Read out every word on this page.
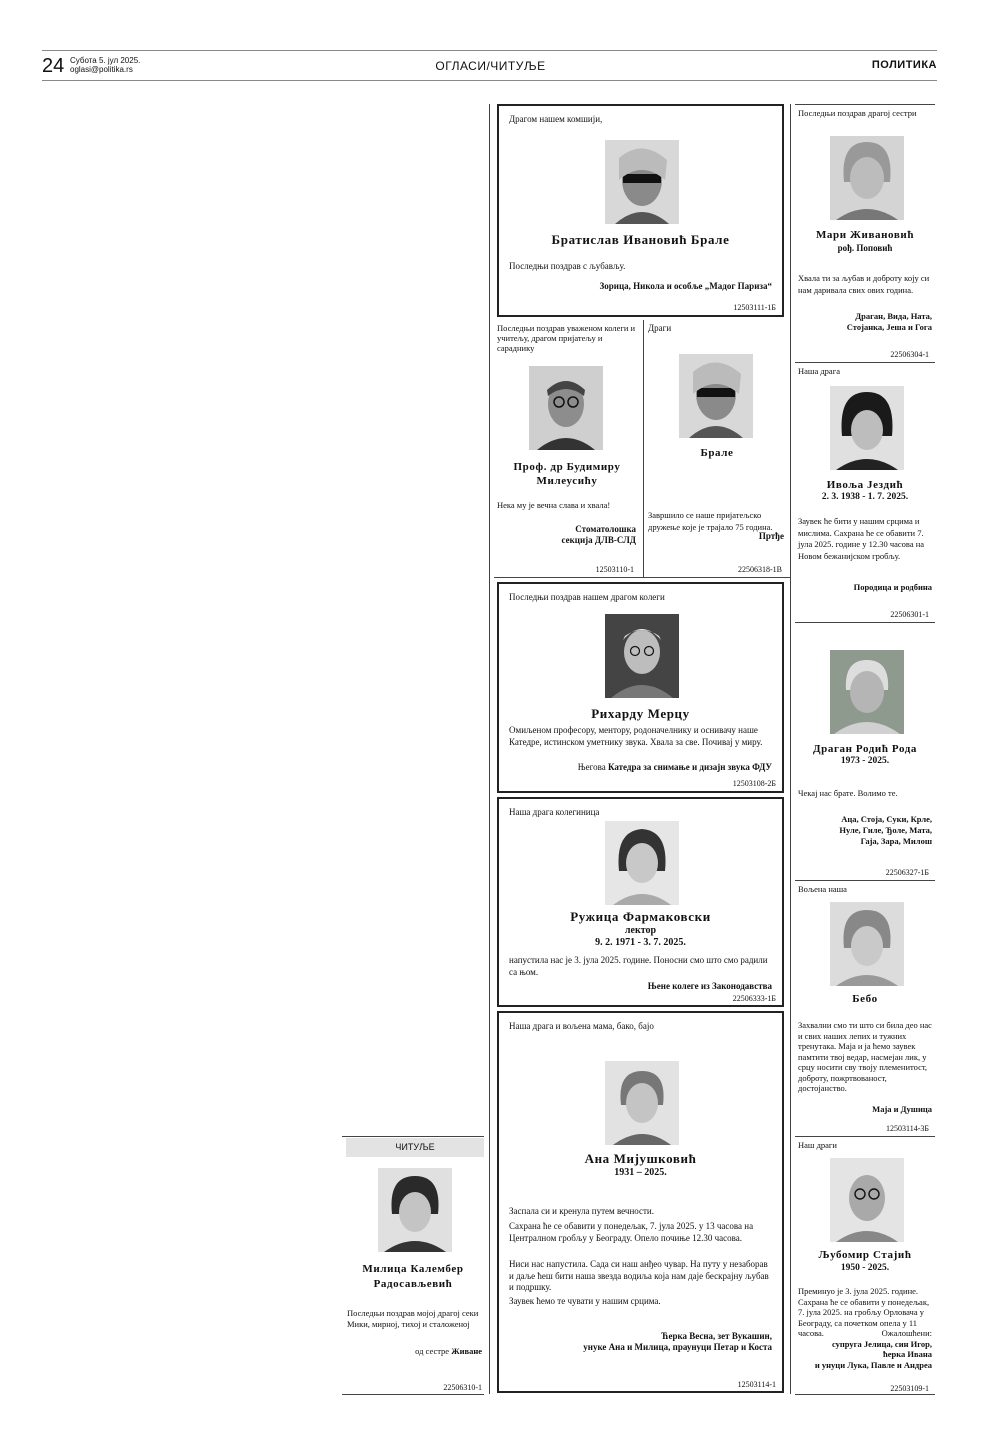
24 Субота 5. јул 2025.
oglasi@politika.rs	ОГЛАСИ/ЧИТУЉЕ	ПОЛИТИКА
Драгом нашем комшији,
Братислав Ивановић Брале
Последњи поздрав с љубављу.
Зорица, Никола и особље „Мадог Париза“
12503111-1Б
Последњи поздрав уваженом колеги и учитељу, драгом пријатељу и сараднику
Проф. др Будимиру Милеусићу
Нека му је вечна слава и хвала!
Стоматолошка
секција ДЛВ-СЛД
12503110-1
Драги
Брале
Завршило се наше пријатељско дружење које је трајало 75 година.
Пртђе
22506318-1В
Последњи поздрав нашем драгом колеги
Рихарду Мерцу
Омиљеном професору, ментору, родоначелнику и оснивачу наше Катедре, истинском уметнику звука. Хвала за све. Почивај у миру.
Његова Катедра за снимање и дизајн звука ФДУ
12503108-2Б
Наша драга колегиница
Ружица Фармаковски
лектор
9. 2. 1971 - 3. 7. 2025.
напустила нас је 3. јула 2025. године. Поносни смо што смо радили са њом.
Њене колеге из Законодавства
22506333-1Б
Наша драга и вољена мама, бако, бајо
Ана Мијушковић
1931 – 2025.
Заспала си и кренула путем вечности.
Сахрана ће се обавити у понедељак, 7. јула 2025. у 13 часова на Централном гробљу у Београду. Опело почиње 12.30 часова.
Ниси нас напустила. Сада си наш анђео чувар. На путу у незаборав и даље ћеш бити наша звезда водиља која нам даје бескрајну љубав и подршку.
Заувек ћемо те чувати у нашим срцима.
Ћерка Весна, зет Вукашин,
унуке Ана и Милица, праунуци Петар и Коста
12503114-1
Последњи поздрав драгој сестри
Мари Живановић
рођ. Поповић
Хвала ти за љубав и доброту коју си нам даривала свих ових година.
Драган, Вида, Ната,
Стојанка, Јеша и Гога
22506304-1
Наша драга
Ивоља Јездић
2. 3. 1938 - 1. 7. 2025.
Заувек ће бити у нашим срцима и мислима. Сахрана ће се обавити 7. јула 2025. године у 12.30 часова на Новом бежанијском гробљу.
Породица и родбина
22506301-1
Драган Родић Рода
1973 - 2025.
Чекај нас брате. Волимо те.
Аца, Стоја, Суки, Крле,
Нуле, Гиле, Ђоле, Мата,
Гаја, Зара, Милош
22506327-1Б
Вољена наша
Бебо
Захвални смо ти што си била део нас и свих наших лепих и тужних тренутака. Маја и ја ћемо заувек памтити твој ведар, насмејан лик, у срцу носити сву твоју племенитост, доброту, пожртвованост, достојанство.
Маја и Душица
12503114-3Б
Наш драги
Љубомир Стајић
1950 - 2025.
Преминуо је 3. јула 2025. године. Сахрана ће се обавити у понедељак, 7. јула 2025. на гробљу Орловача у Београду, са почетком опела у 11 часова.	Ожалошћени:
супруга Јелица, син Игор,
ћерка Ивана
и унуци Лука, Павле и Андреа
22503109-1
ЧИТУЉЕ
Милица Калембер
Радосављевић
Последњи поздрав мојој драгој секи Мики, мирној, тихој и сталоженој
од сестре Живане
22506310-1
